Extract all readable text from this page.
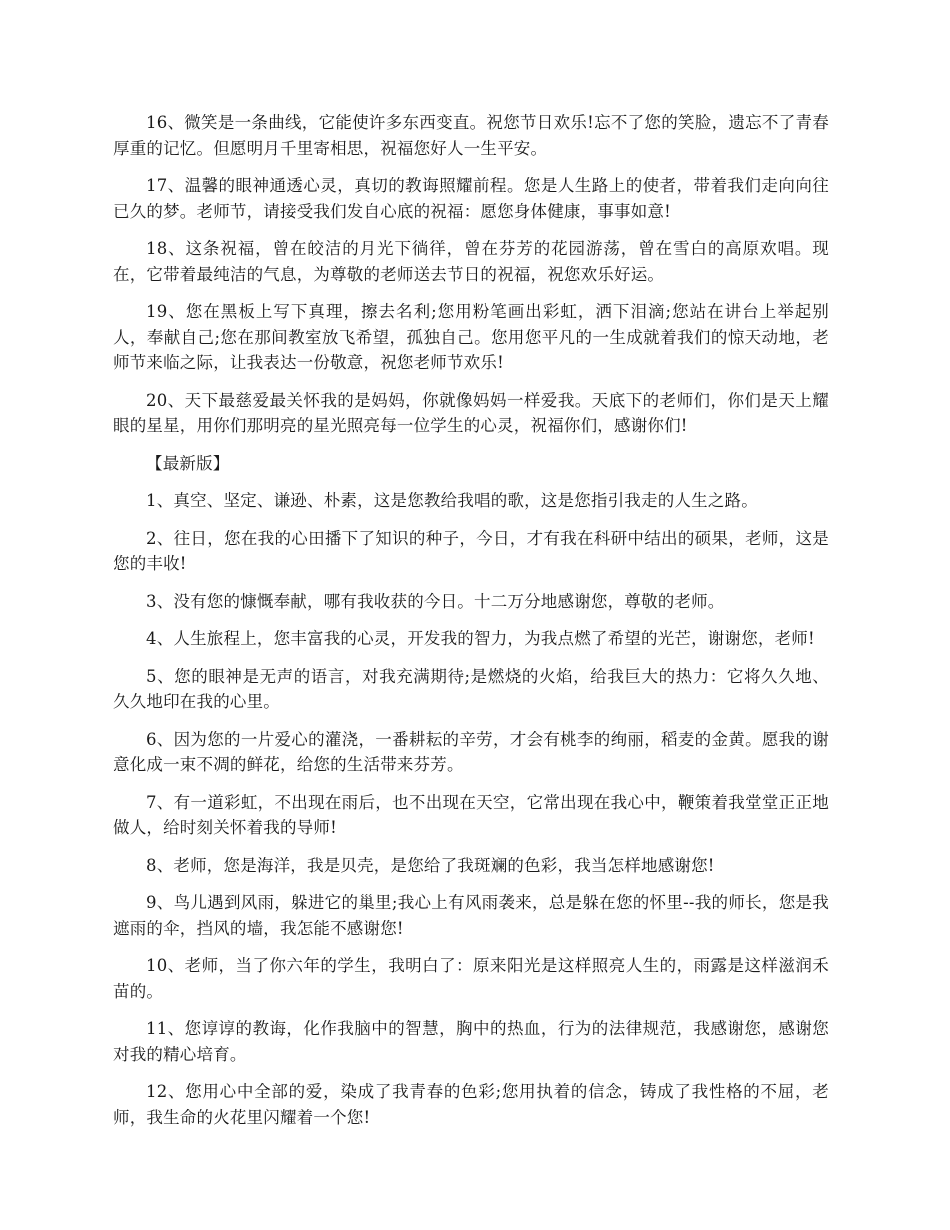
16、微笑是一条曲线，它能使许多东西变直。祝您节日欢乐!忘不了您的笑脸，遗忘不了青春厚重的记忆。但愿明月千里寄相思，祝福您好人一生平安。

17、温馨的眼神通透心灵，真切的教诲照耀前程。您是人生路上的使者，带着我们走向向往已久的梦。老师节，请接受我们发自心底的祝福：愿您身体健康，事事如意!

18、这条祝福，曾在皎洁的月光下徜徉，曾在芬芳的花园游荡，曾在雪白的高原欢唱。现在，它带着最纯洁的气息，为尊敬的老师送去节日的祝福，祝您欢乐好运。

19、您在黑板上写下真理，擦去名利;您用粉笔画出彩虹，洒下泪滴;您站在讲台上举起别人，奉献自己;您在那间教室放飞希望，孤独自己。您用您平凡的一生成就着我们的惊天动地，老师节来临之际，让我表达一份敬意，祝您老师节欢乐!

20、天下最慈爱最关怀我的是妈妈，你就像妈妈一样爱我。天底下的老师们，你们是天上耀眼的星星，用你们那明亮的星光照亮每一位学生的心灵，祝福你们，感谢你们!

【最新版】

1、真空、坚定、谦逊、朴素，这是您教给我唱的歌，这是您指引我走的人生之路。

2、往日，您在我的心田播下了知识的种子，今日，才有我在科研中结出的硕果，老师，这是您的丰收!

3、没有您的慷慨奉献，哪有我收获的今日。十二万分地感谢您，尊敬的老师。

4、人生旅程上，您丰富我的心灵，开发我的智力，为我点燃了希望的光芒，谢谢您，老师!

5、您的眼神是无声的语言，对我充满期待;是燃烧的火焰，给我巨大的热力：它将久久地、久久地印在我的心里。

6、因为您的一片爱心的灌浇，一番耕耘的辛劳，才会有桃李的绚丽，稻麦的金黄。愿我的谢意化成一束不凋的鲜花，给您的生活带来芬芳。

7、有一道彩虹，不出现在雨后，也不出现在天空，它常出现在我心中，鞭策着我堂堂正正地做人，给时刻关怀着我的导师!

8、老师，您是海洋，我是贝壳，是您给了我斑斓的色彩，我当怎样地感谢您!

9、鸟儿遇到风雨，躲进它的巢里;我心上有风雨袭来，总是躲在您的怀里--我的师长，您是我遮雨的伞，挡风的墙，我怎能不感谢您!

10、老师，当了你六年的学生，我明白了：原来阳光是这样照亮人生的，雨露是这样滋润禾苗的。

11、您谆谆的教诲，化作我脑中的智慧，胸中的热血，行为的法律规范，我感谢您，感谢您对我的精心培育。

12、您用心中全部的爱，染成了我青春的色彩;您用执着的信念，铸成了我性格的不屈，老师，我生命的火花里闪耀着一个您!
